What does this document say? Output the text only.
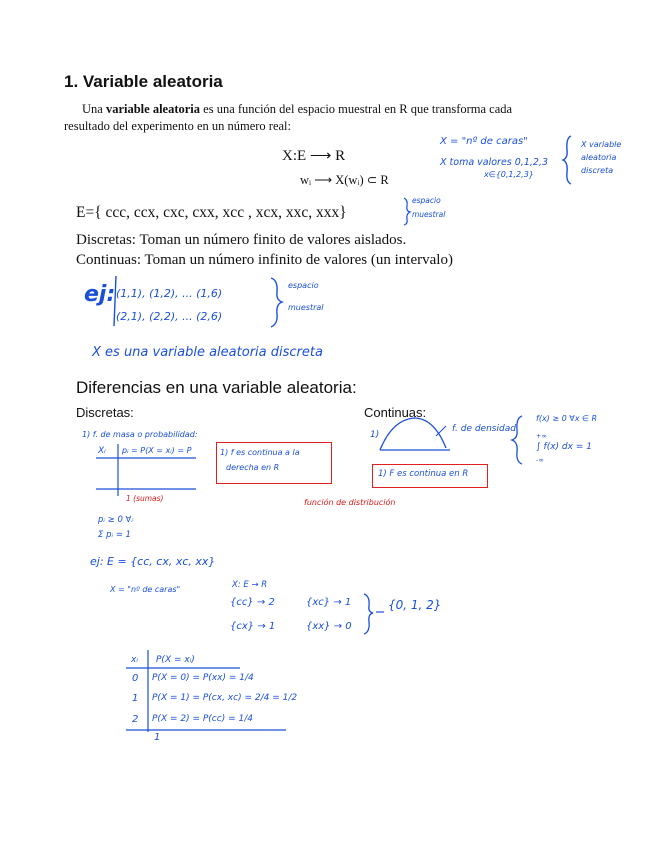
1. Variable aleatoria
Una variable aleatoria es una función del espacio muestral en R que transforma cada
resultado del experimento en un número real:
X:E ⟶ R
wᵢ ⟶ X(wᵢ) ⊂ R
X = "nº de caras"
X toma valores 0,1,2,3
x∈{0,1,2,3}
X variable
aleatoria
discreta
espacio
muestral
E={ ccc, ccx, cxc, cxx, xcc , xcx, xxc, xxx}
Discretas: Toman un número finito de valores aislados.
Continuas: Toman un número infinito de valores (un intervalo)
ej: (1,1), (1,2), ... (1,6)
(2,1), (2,2), ... (2,6)
espacio
muestral
X es una variable aleatoria discreta
Diferencias en una variable aleatoria:
Discretas:	Continuas:
1) f. de masa o probabilidad:
Xᵢ pᵢ = P(X = xᵢ) = P
1 (sumas)
1) f es continua a la
derecha en R
función de distribución
pᵢ ≥ 0 ∀ᵢ
Σ pᵢ = 1
ej: E = {cc, cx, xc, xx}
X = "nº de caras"	X: E → R
{cc} → 2	{xc} → 1
{cx} → 1	{xx} → 0
{0, 1, 2}
1)
f. de densidad
f(x) ≥ 0 ∀x ∈ R
+∞
∫ f(x) dx = 1
-∞
1) F es continua en R
xᵢ P(X = xᵢ)
0 P(X = 0) = P(xx) = 1/4
1 P(X = 1) = P(cx, xc) = 2/4 = 1/2
2 P(X = 2) = P(cc) = 1/4
1
